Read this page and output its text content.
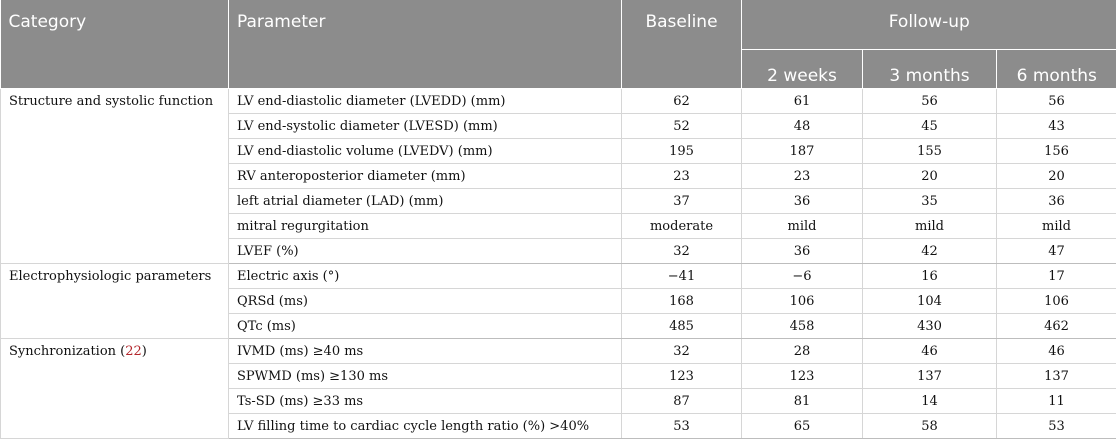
Category	Parameter	Baseline	Follow-up		
			2 weeks	3 months	6 months
Structure and systolic function	LV end-diastolic diameter (LVEDD) (mm)	62	61	56	56
	LV end-systolic diameter (LVESD) (mm)	52	48	45	43
	LV end-diastolic volume (LVEDV) (mm)	195	187	155	156
	RV anteroposterior diameter (mm)	23	23	20	20
	left atrial diameter (LAD) (mm)	37	36	35	36
	mitral regurgitation	moderate	mild	mild	mild
	LVEF (%)	32	36	42	47
Electrophysiologic parameters	Electric axis (°)	−41	−6	16	17
	QRSd (ms)	168	106	104	106
	QTc (ms)	485	458	430	462
Synchronization (22)	IVMD (ms) ≥40 ms	32	28	46	46
	SPWMD (ms) ≥130 ms	123	123	137	137
	Ts-SD (ms) ≥33 ms	87	81	14	11
	LV filling time to cardiac cycle length ratio (%) >40%	53	65	58	53
